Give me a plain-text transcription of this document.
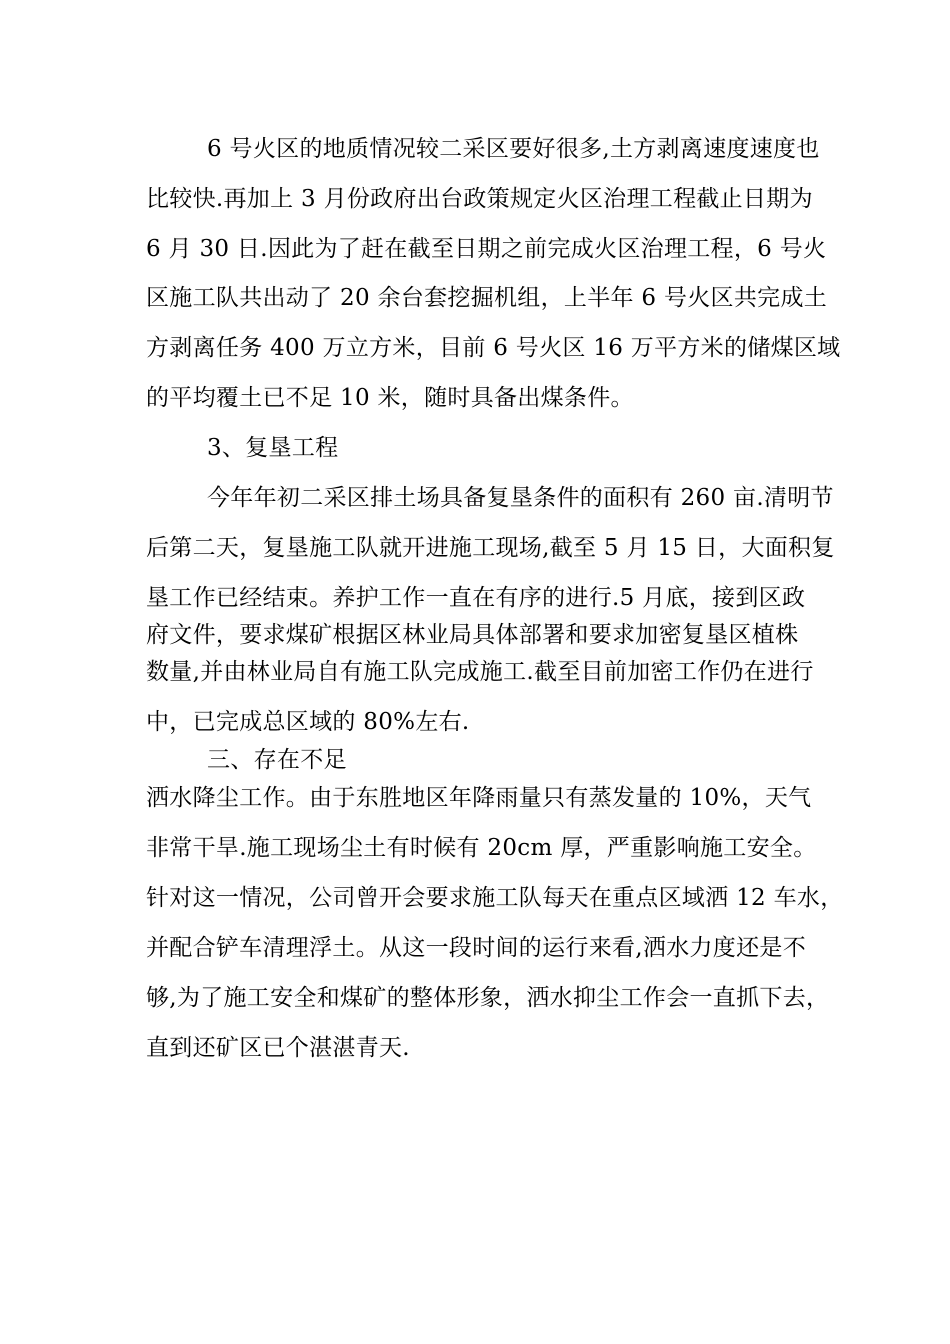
6 号火区的地质情况较二采区要好很多,土方剥离速度速度也
比较快.再加上 3 月份政府出台政策规定火区治理工程截止日期为
6 月 30 日.因此为了赶在截至日期之前完成火区治理工程，6 号火
区施工队共出动了 20 余台套挖掘机组，上半年 6 号火区共完成土
方剥离任务 400 万立方米，目前 6 号火区 16 万平方米的储煤区域
的平均覆土已不足 10 米，随时具备出煤条件。
3、复垦工程
今年年初二采区排土场具备复垦条件的面积有 260 亩.清明节
后第二天，复垦施工队就开进施工现场,截至 5 月 15 日，大面积复
垦工作已经结束。养护工作一直在有序的进行.5 月底，接到区政
府文件，要求煤矿根据区林业局具体部署和要求加密复垦区植株
数量,并由林业局自有施工队完成施工.截至目前加密工作仍在进行
中，已完成总区域的 80%左右.
三、存在不足
洒水降尘工作。由于东胜地区年降雨量只有蒸发量的 10%，天气
非常干旱.施工现场尘土有时候有 20cm 厚，严重影响施工安全。
针对这一情况，公司曾开会要求施工队每天在重点区域洒 12 车水，
并配合铲车清理浮土。从这一段时间的运行来看,洒水力度还是不
够,为了施工安全和煤矿的整体形象，洒水抑尘工作会一直抓下去，
直到还矿区已个湛湛青天.
